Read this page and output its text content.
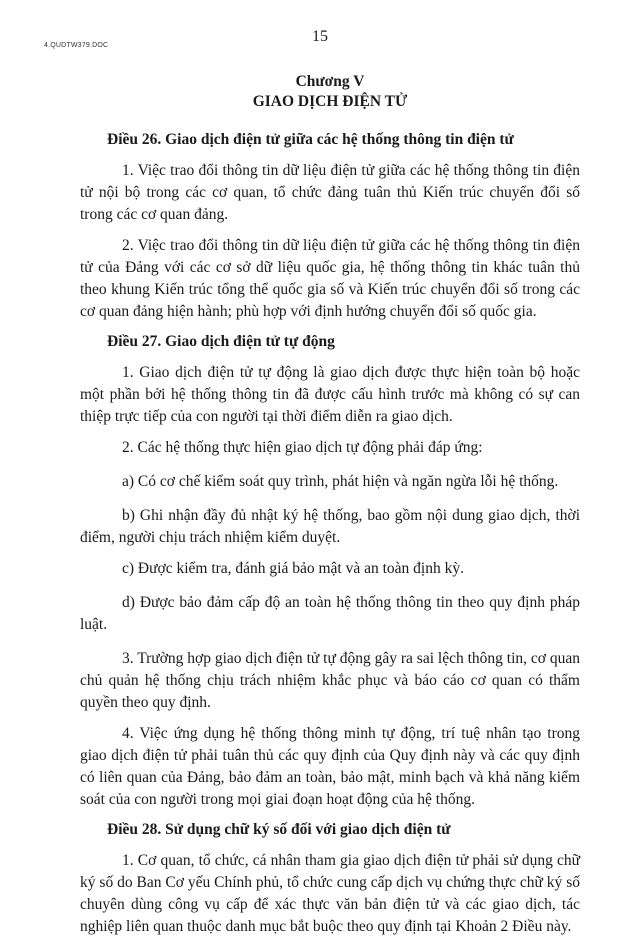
4.QUDTW379.DOC
15
Chương V
GIAO DỊCH ĐIỆN TỬ
Điều 26. Giao dịch điện tử giữa các hệ thống thông tin điện tử

1. Việc trao đổi thông tin dữ liệu điện tử giữa các hệ thống thông tin điện tử nội bộ trong các cơ quan, tổ chức đảng tuân thủ Kiến trúc chuyển đổi số trong các cơ quan đảng.

2. Việc trao đổi thông tin dữ liệu điện tử giữa các hệ thống thông tin điện tử của Đảng với các cơ sở dữ liệu quốc gia, hệ thống thông tin khác tuân thủ theo khung Kiến trúc tổng thể quốc gia số và Kiến trúc chuyển đổi số trong các cơ quan đảng hiện hành; phù hợp với định hướng chuyển đổi số quốc gia.

Điều 27. Giao dịch điện tử tự động

1. Giao dịch điện tử tự động là giao dịch được thực hiện toàn bộ hoặc một phần bởi hệ thống thông tin đã được cấu hình trước mà không có sự can thiệp trực tiếp của con người tại thời điểm diễn ra giao dịch.

2. Các hệ thống thực hiện giao dịch tự động phải đáp ứng:

a) Có cơ chế kiểm soát quy trình, phát hiện và ngăn ngừa lỗi hệ thống.

b) Ghi nhận đầy đủ nhật ký hệ thống, bao gồm nội dung giao dịch, thời điểm, người chịu trách nhiệm kiểm duyệt.

c) Được kiểm tra, đánh giá bảo mật và an toàn định kỳ.

d) Được bảo đảm cấp độ an toàn hệ thống thông tin theo quy định pháp luật.

3. Trường hợp giao dịch điện tử tự động gây ra sai lệch thông tin, cơ quan chủ quản hệ thống chịu trách nhiệm khắc phục và báo cáo cơ quan có thẩm quyền theo quy định.

4. Việc ứng dụng hệ thống thông minh tự động, trí tuệ nhân tạo trong giao dịch điện tử phải tuân thủ các quy định của Quy định này và các quy định có liên quan của Đảng, bảo đảm an toàn, bảo mật, minh bạch và khả năng kiểm soát của con người trong mọi giai đoạn hoạt động của hệ thống.

Điều 28. Sử dụng chữ ký số đối với giao dịch điện tử

1. Cơ quan, tổ chức, cá nhân tham gia giao dịch điện tử phải sử dụng chữ ký số do Ban Cơ yếu Chính phủ, tổ chức cung cấp dịch vụ chứng thực chữ ký số chuyên dùng công vụ cấp để xác thực văn bản điện tử và các giao dịch, tác nghiệp liên quan thuộc danh mục bắt buộc theo quy định tại Khoản 2 Điều này.
